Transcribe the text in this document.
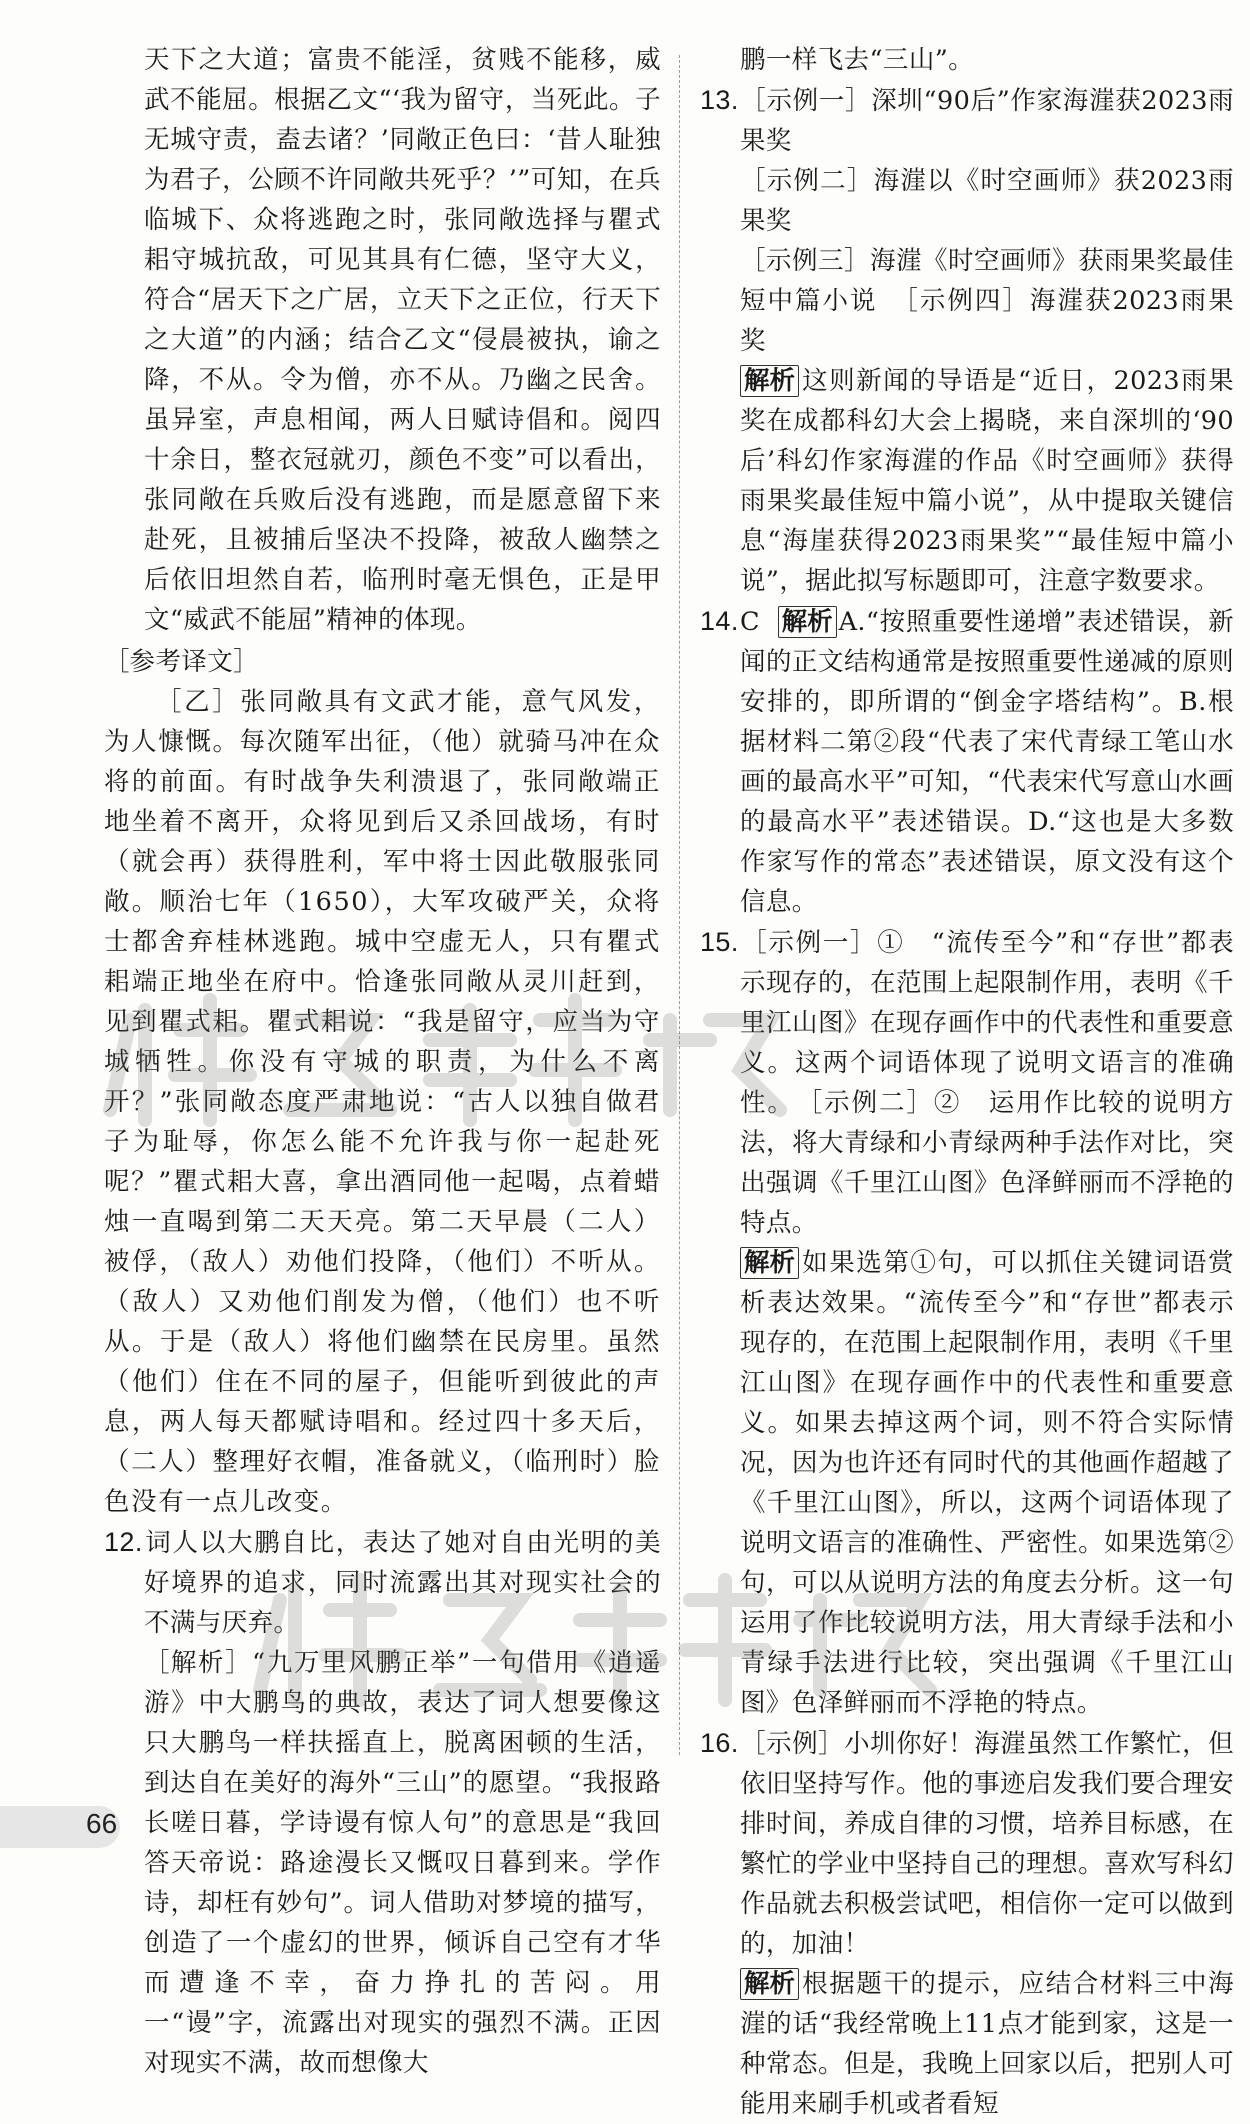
天下之大道；富贵不能淫，贫贱不能移，威武不能屈。根据乙文“‘我为留守，当死此。子无城守责，盍去诸？’同敞正色曰：‘昔人耻独为君子，公顾不许同敞共死乎？’”可知，在兵临城下、众将逃跑之时，张同敞选择与瞿式耜守城抗敌，可见其具有仁德，坚守大义，符合“居天下之广居，立天下之正位，行天下之大道”的内涵；结合乙文“侵晨被执，谕之降，不从。令为僧，亦不从。乃幽之民舍。虽异室，声息相闻，两人日赋诗倡和。阅四十余日，整衣冠就刃，颜色不变”可以看出，张同敞在兵败后没有逃跑，而是愿意留下来赴死，且被捕后坚决不投降，被敌人幽禁之后依旧坦然自若，临刑时毫无惧色，正是甲文“威武不能屈”精神的体现。

［参考译文］

［乙］张同敞具有文武才能，意气风发，为人慷慨。每次随军出征，（他）就骑马冲在众将的前面。有时战争失利溃退了，张同敞端正地坐着不离开，众将见到后又杀回战场，有时（就会再）获得胜利，军中将士因此敬服张同敞。顺治七年（1650），大军攻破严关，众将士都舍弃桂林逃跑。城中空虚无人，只有瞿式耜端正地坐在府中。恰逢张同敞从灵川赶到，见到瞿式耜。瞿式耜说：“我是留守，应当为守城牺牲。你没有守城的职责，为什么不离开？”张同敞态度严肃地说：“古人以独自做君子为耻辱，你怎么能不允许我与你一起赴死呢？”瞿式耜大喜，拿出酒同他一起喝，点着蜡烛一直喝到第二天天亮。第二天早晨（二人）被俘，（敌人）劝他们投降，（他们）不听从。（敌人）又劝他们削发为僧，（他们）也不听从。于是（敌人）将他们幽禁在民房里。虽然（他们）住在不同的屋子，但能听到彼此的声息，两人每天都赋诗唱和。经过四十多天后，（二人）整理好衣帽，准备就义，（临刑时）脸色没有一点儿改变。

12.词人以大鹏自比，表达了她对自由光明的美好境界的追求，同时流露出其对现实社会的不满与厌弃。

［解析］“九万里风鹏正举”一句借用《逍遥游》中大鹏鸟的典故，表达了词人想要像这只大鹏鸟一样扶摇直上，脱离困顿的生活，到达自在美好的海外“三山”的愿望。“我报路长嗟日暮，学诗谩有惊人句”的意思是“我回答天帝说：路途漫长又慨叹日暮到来。学作诗，却枉有妙句”。词人借助对梦境的描写，创造了一个虚幻的世界，倾诉自己空有才华而遭逢不幸，奋力挣扎的苦闷。用一“谩”字，流露出对现实的强烈不满。正因对现实不满，故而想像大

鹏一样飞去“三山”。

13.［示例一］深圳“90后”作家海漄获2023雨果奖

［示例二］海漄以《时空画师》获2023雨果奖

［示例三］海漄《时空画师》获雨果奖最佳短中篇小说　［示例四］海漄获2023雨果奖

解析 这则新闻的导语是“近日，2023雨果奖在成都科幻大会上揭晓，来自深圳的‘90后’科幻作家海漄的作品《时空画师》获得雨果奖最佳短中篇小说”，从中提取关键信息“海崖获得2023雨果奖”“最佳短中篇小说”，据此拟写标题即可，注意字数要求。

14.C 解析 A.“按照重要性递增”表述错误，新闻的正文结构通常是按照重要性递减的原则安排的，即所谓的“倒金字塔结构”。B.根据材料二第②段“代表了宋代青绿工笔山水画的最高水平”可知，“代表宋代写意山水画的最高水平”表述错误。D.“这也是大多数作家写作的常态”表述错误，原文没有这个信息。

15.［示例一］①　“流传至今”和“存世”都表示现存的，在范围上起限制作用，表明《千里江山图》在现存画作中的代表性和重要意义。这两个词语体现了说明文语言的准确性。　［示例二］②　运用作比较的说明方法，将大青绿和小青绿两种手法作对比，突出强调《千里江山图》色泽鲜丽而不浮艳的特点。

解析 如果选第①句，可以抓住关键词语赏析表达效果。“流传至今”和“存世”都表示现存的，在范围上起限制作用，表明《千里江山图》在现存画作中的代表性和重要意义。如果去掉这两个词，则不符合实际情况，因为也许还有同时代的其他画作超越了《千里江山图》，所以，这两个词语体现了说明文语言的准确性、严密性。如果选第②句，可以从说明方法的角度去分析。这一句运用了作比较说明方法，用大青绿手法和小青绿手法进行比较，突出强调《千里江山图》色泽鲜丽而不浮艳的特点。

16.［示例］小圳你好！海漄虽然工作繁忙，但依旧坚持写作。他的事迹启发我们要合理安排时间，养成自律的习惯，培养目标感，在繁忙的学业中坚持自己的理想。喜欢写科幻作品就去积极尝试吧，相信你一定可以做到的，加油！

解析 根据题干的提示，应结合材料三中海漄的话“我经常晚上11点才能到家，这是一种常态。但是，我晚上回家以后，把别人可能用来刷手机或者看短

66
